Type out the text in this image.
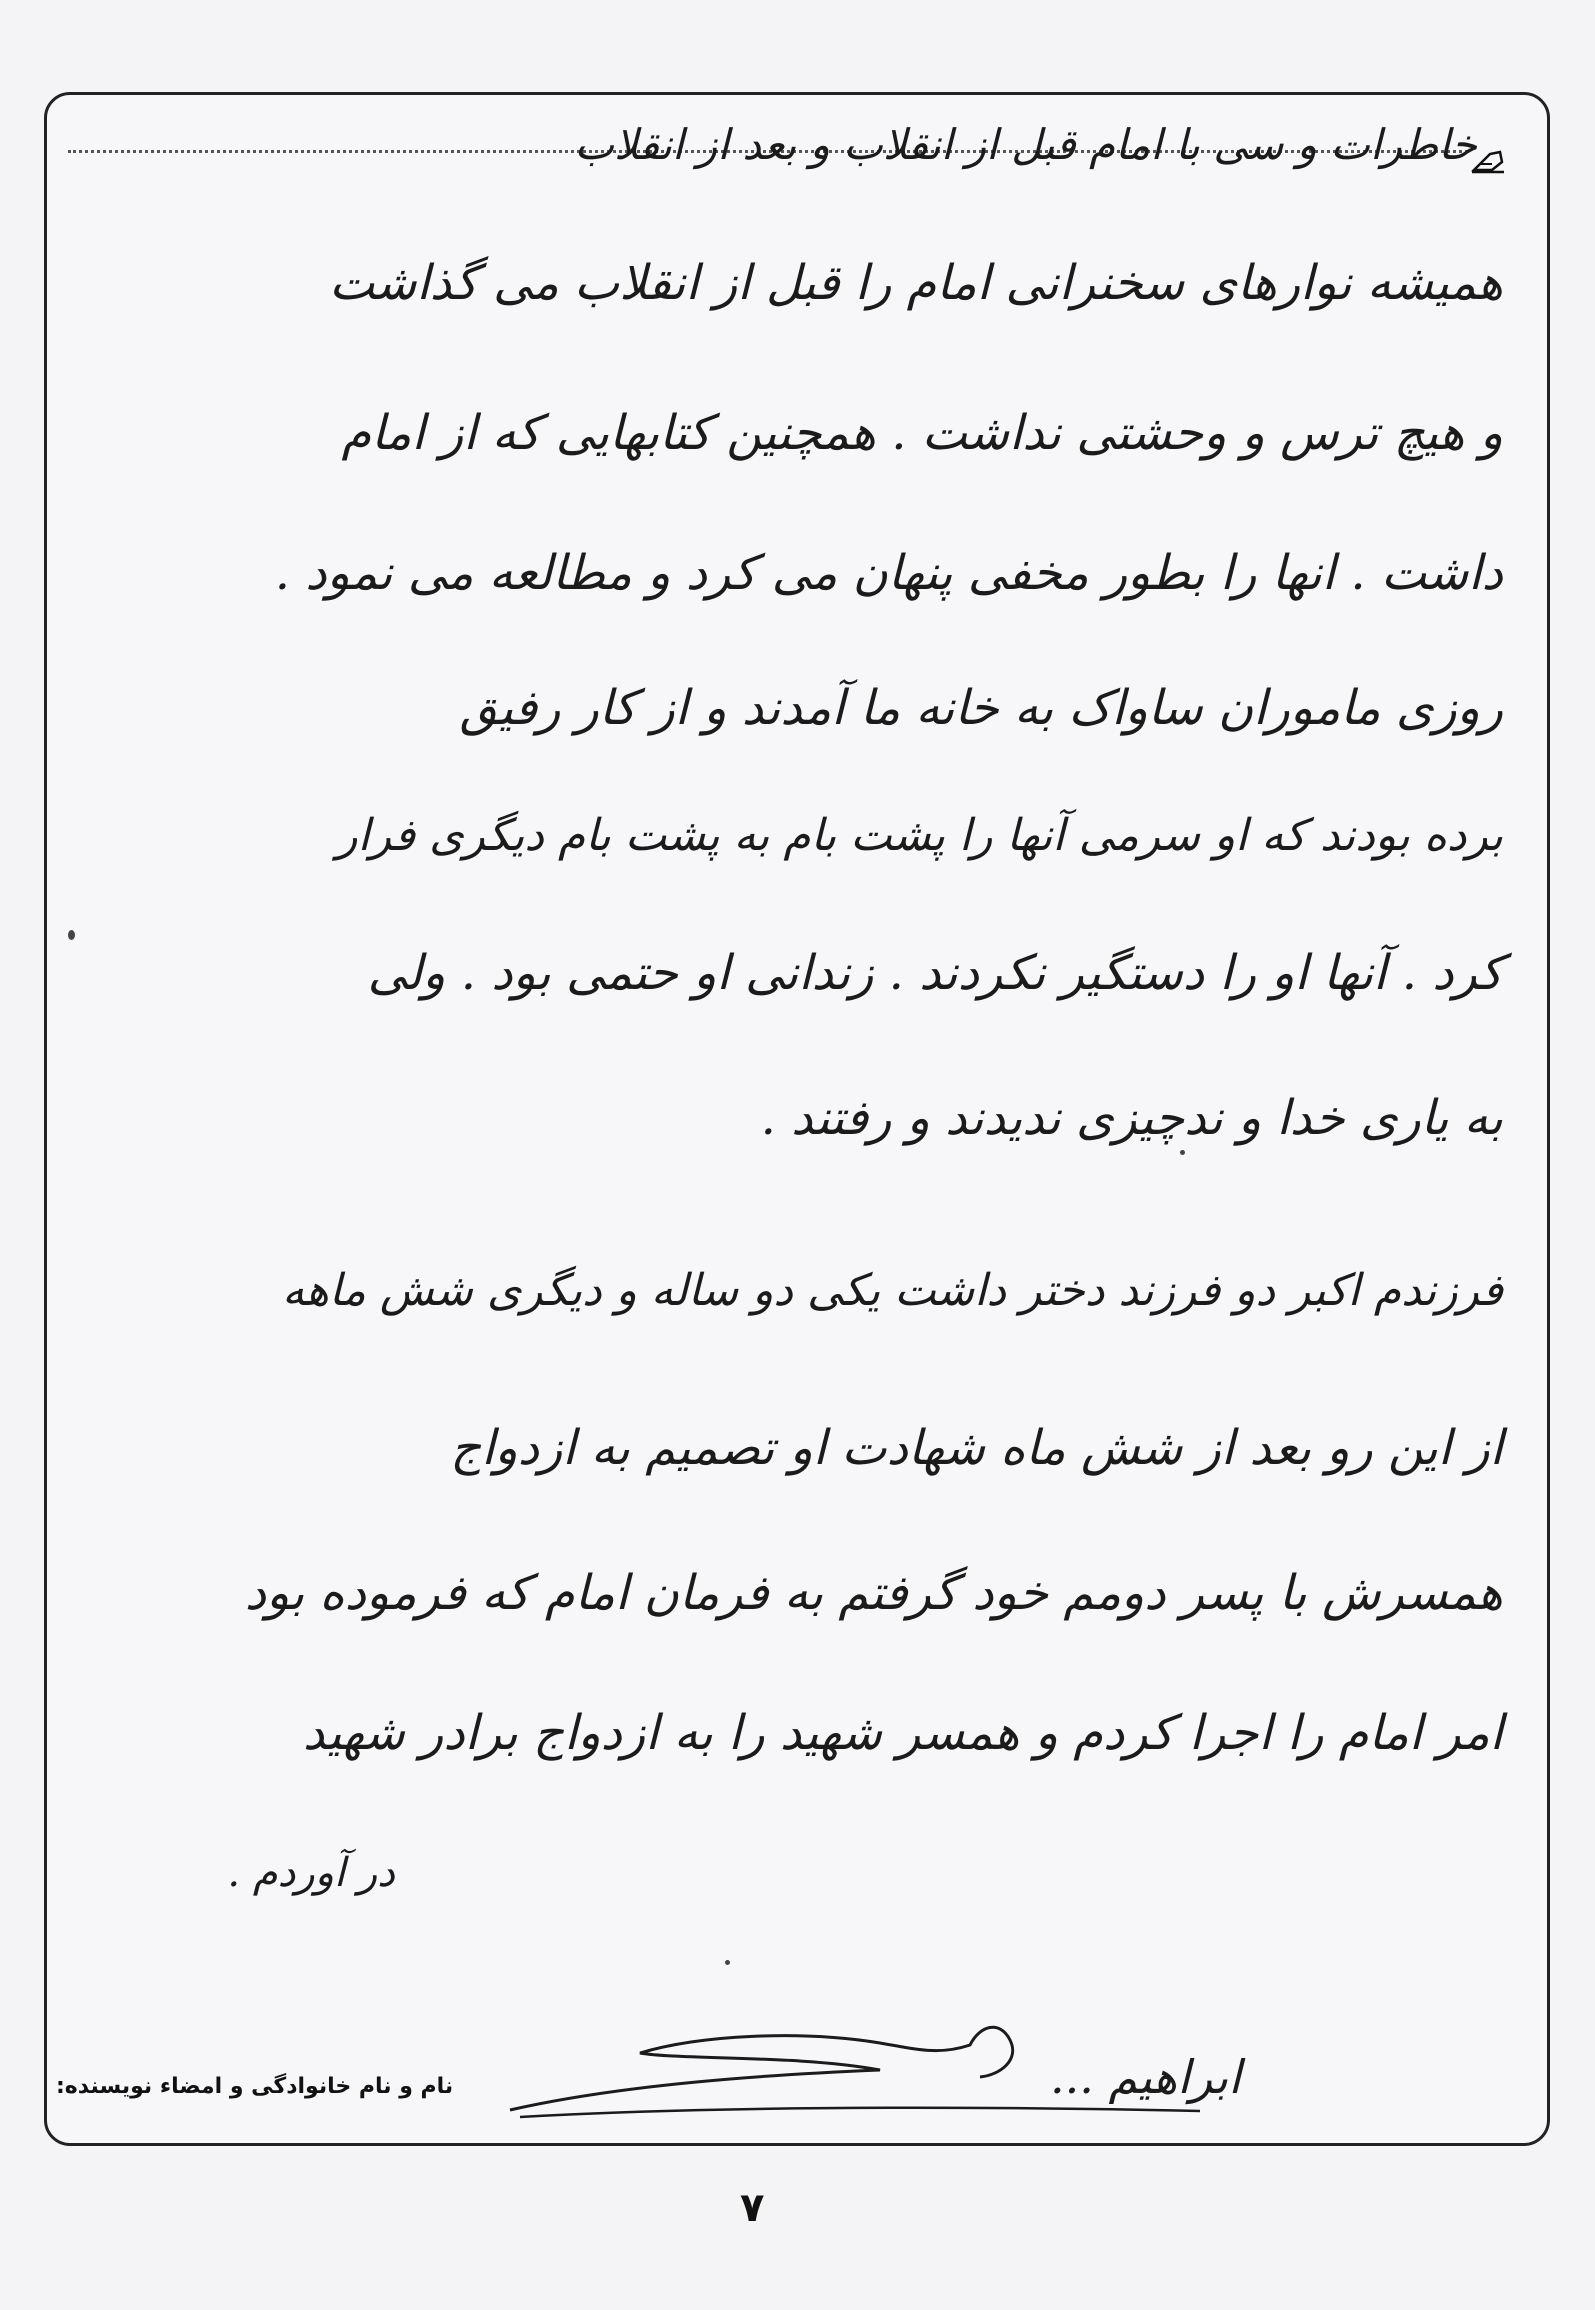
خاطرات و سی با امام قبل از انقلاب و بعد از انقلاب
همیشه نوارهای سخنرانی امام را قبل از انقلاب می گذاشت
و هیچ ترس و وحشتی نداشت . همچنین کتابهایی که از امام
داشت . انها را بطور مخفی پنهان می کرد و مطالعه می نمود .
روزی ماموران ساواک به خانه ما آمدند و از کار رفیق
برده بودند که او سرمی آنها را پشت بام به پشت بام دیگری فرار
کرد . آنها او را دستگیر نکردند . زندانی او حتمی بود . ولی
به یاری خدا و ندچیزی ندیدند و رفتند .
فرزندم اکبر دو فرزند دختر داشت یکی دو ساله و دیگری شش ماهه
از این رو بعد از شش ماه شهادت او تصمیم به ازدواج
همسرش با پسر دومم خود گرفتم به فرمان امام که فرموده بود
امر امام را اجرا کردم و همسر شهید را به ازدواج برادر شهید
در آوردم .
نام و نام خانوادگی و امضاء نویسنده:	ابراهیم ...
۷
